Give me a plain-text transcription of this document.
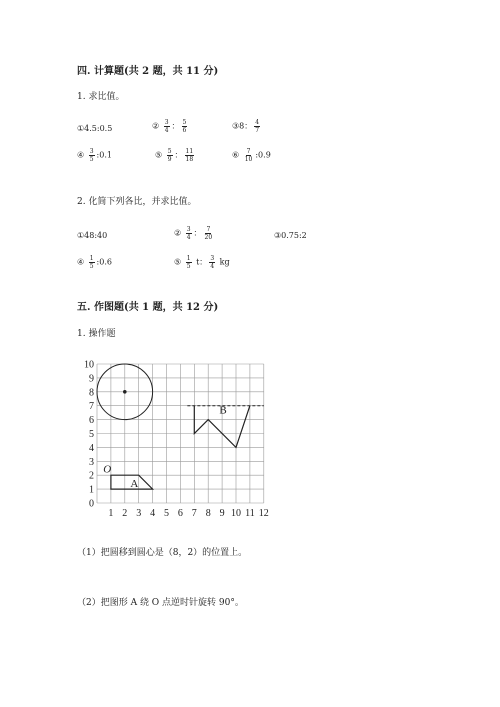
四. 计算题(共 2 题，共 11 分)
1. 求比值。
①4.5:0.5	② $\frac{3}{4}$ ： $\frac{5}{6}$	③8： $\frac{4}{7}$
④ $\frac{3}{5}$ :0.1	⑤ $\frac{5}{9}$ ： $\frac{11}{18}$	⑥ $\frac{7}{10}$ :0.9
2. 化简下列各比，并求比值。
①48:40	② $\frac{3}{4}$ ： $\frac{7}{20}$	③0.75:2
④ $\frac{1}{5}$ :0.6	⑤ $\frac{1}{5}$ t： $\frac{3}{4}$ kg
五. 作图题(共 1 题，共 12 分)
1. 操作题
10
9
8
7
6
5
4
3
2
1
0
1 2 3 4 5 6 7 8 9 10 11 12
A
B
O
（1）把圆移到圆心是（8，2）的位置上。
（2）把图形 A 绕 O 点逆时针旋转 90°。
